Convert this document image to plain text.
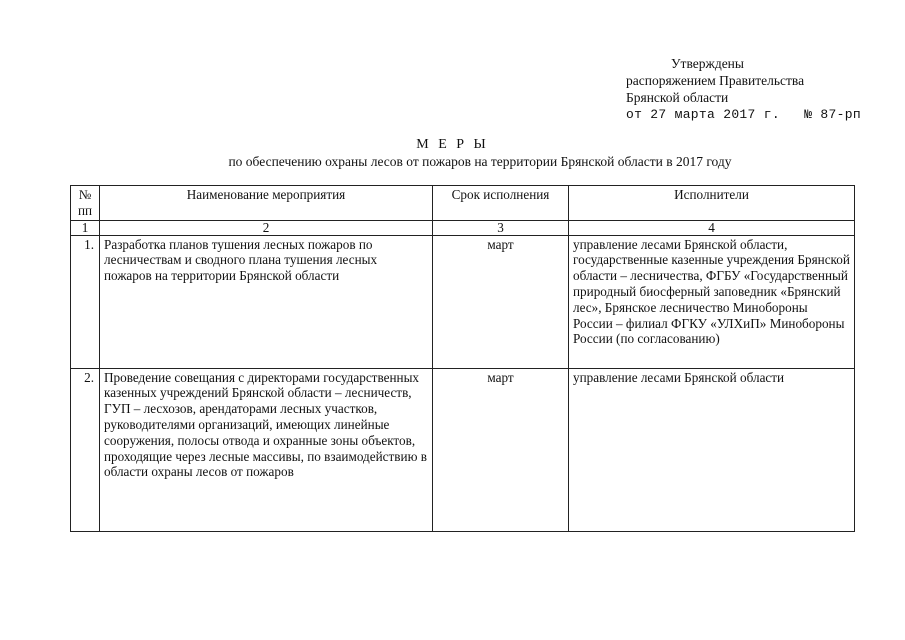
Утверждены
распоряжением Правительства
Брянской области
от 27 марта 2017 г.   № 87-рп
М Е Р Ы
по обеспечению охраны лесов от пожаров на территории Брянской области в 2017 году
№ пп	Наименование мероприятия	Срок исполнения	Исполнители
1	2	3	4
1.	Разработка планов тушения лесных пожаров по лесничествам и сводного плана тушения лесных пожаров на территории Брянской области	март	управление лесами Брянской области, государственные казенные учреждения Брянской области – лесничества, ФГБУ «Государственный природный биосферный заповедник «Брянский лес», Брянское лесничество Минобороны России – филиал ФГКУ «УЛХиП» Минобороны России (по согласованию)
2.	Проведение совещания с директорами государственных казенных учреждений Брянской области – лесничеств, ГУП – лесхозов, арендаторами лесных участков, руководителями организаций, имеющих линейные сооружения, полосы отвода и охранные зоны объектов, проходящие через лесные массивы, по взаимодействию в области охраны лесов от пожаров	март	управление лесами Брянской области
